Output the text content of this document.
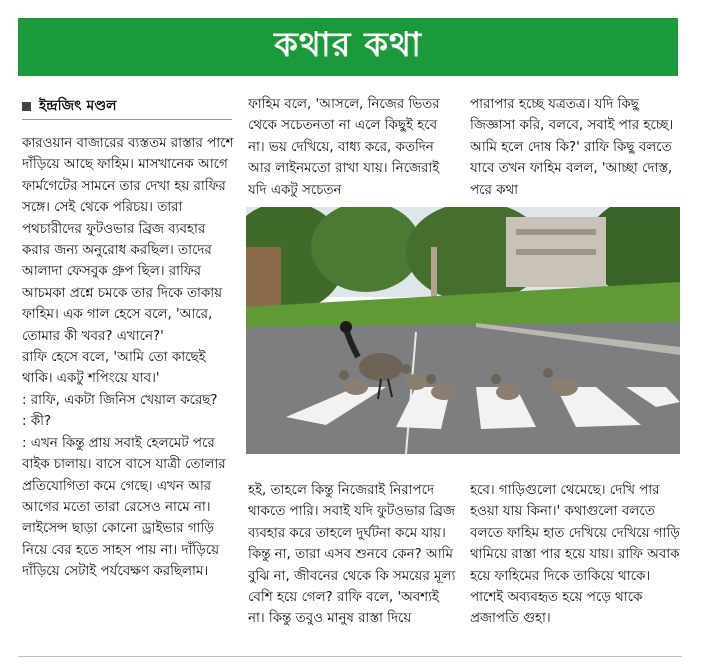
কথার কথা
ইন্দ্রজিৎ মণ্ডল

কারওয়ান বাজারের ব্যস্ততম রাস্তার পাশে দাঁড়িয়ে আছে ফাহিম। মাসখানেক আগে ফার্মগেটের সামনে তার দেখা হয় রাফির সঙ্গে। সেই থেকে পরিচয়। তারা পথচারীদের ফুটওভার ব্রিজ ব্যবহার করার জন্য অনুরোধ করছিল। তাদের আলাদা ফেসবুক গ্রুপ ছিল। রাফির আচমকা প্রশ্নে চমকে তার দিকে তাকায় ফাহিম। এক গাল হেসে বলে, 'আরে, তোমার কী খবর? এখানে?'

রাফি হেসে বলে, 'আমি তো কাছেই থাকি। একটু শপিংয়ে যাব।'

: রাফি, একটা জিনিস খেয়াল করেছ?

: কী?

: এখন কিন্তু প্রায় সবাই হেলমেট পরে বাইক চালায়। বাসে বাসে যাত্রী তোলার প্রতিযোগিতা কমে গেছে। এখন আর আগের মতো তারা রেসেও নামে না। লাইসেন্স ছাড়া কোনো ড্রাইভার গাড়ি নিয়ে বের হতে সাহস পায় না। দাঁড়িয়ে দাঁড়িয়ে সেটাই পর্যবেক্ষণ করছিলাম।

ফাহিম বলে, 'আসলে, নিজের ভিতর থেকে সচেতনতা না এলে কিছুই হবে না। ভয় দেখিয়ে, বাধ্য করে, কতদিন আর লাইনমতো রাখা যায়। নিজেরাই যদি একটু সচেতন

পারাপার হচ্ছে যত্রতত্র। যদি কিছু জিজ্ঞাসা করি, বলবে, সবাই পার হচ্ছে। আমি হলে দোষ কি?' রাফি কিছু বলতে যাবে তখন ফাহিম বলল, 'আচ্ছা দোস্ত, পরে কথা

হই, তাহলে কিন্তু নিজেরাই নিরাপদে থাকতে পারি। সবাই যদি ফুটওভার ব্রিজ ব্যবহার করে তাহলে দুর্ঘটনা কমে যায়। কিন্তু না, তারা এসব শুনবে কেন? আমি বুঝি না, জীবনের থেকে কি সময়ের মূল্য বেশি হয়ে গেল? রাফি বলে, 'অবশ্যই না। কিন্তু তবুও মানুষ রাস্তা দিয়ে

হবে। গাড়িগুলো থেমেছে। দেখি পার হওয়া যায় কিনা।' কথাগুলো বলতে বলতে ফাহিম হাত দেখিয়ে দেখিয়ে গাড়ি থামিয়ে রাস্তা পার হয়ে যায়। রাফি অবাক হয়ে ফাহিমের দিকে তাকিয়ে থাকে। পাশেই অব্যবহৃত হয়ে পড়ে থাকে প্রজাপতি গুহা।
